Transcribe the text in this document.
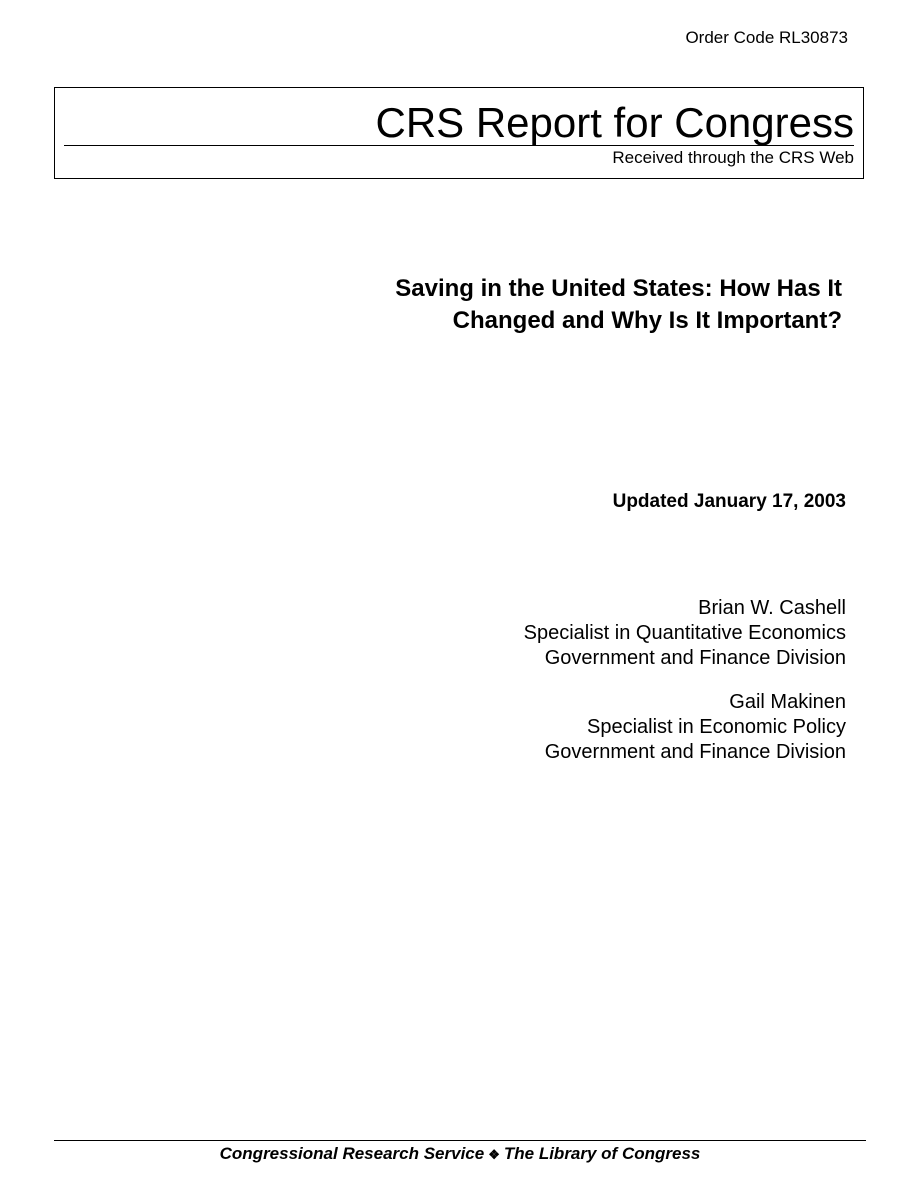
Order Code RL30873
CRS Report for Congress
Received through the CRS Web
Saving in the United States: How Has It
Changed and Why Is It Important?
Updated January 17, 2003
Brian W. Cashell
Specialist in Quantitative Economics
Government and Finance Division
Gail Makinen
Specialist in Economic Policy
Government and Finance Division
Congressional Research Service ❖ The Library of Congress
